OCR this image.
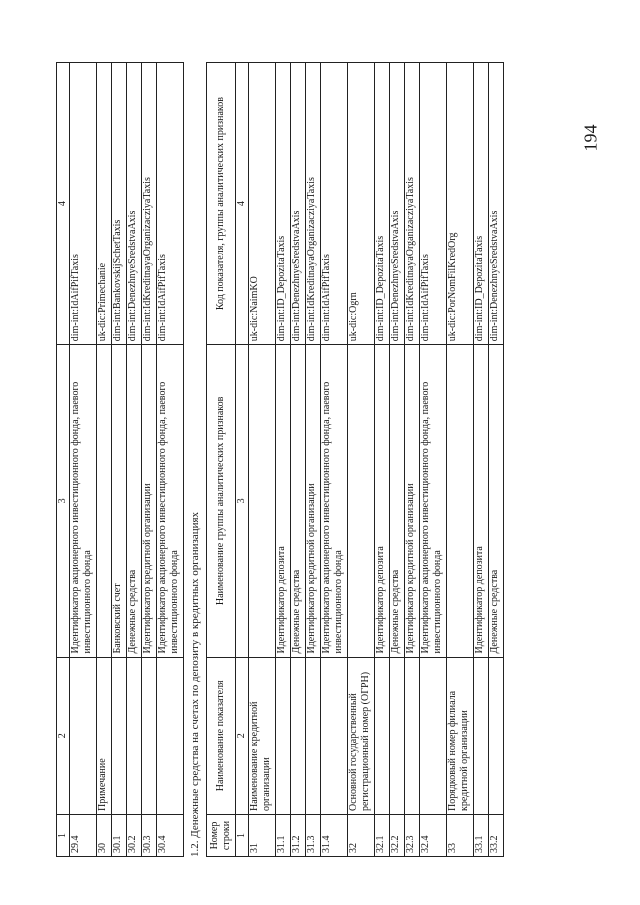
194
1	2	3	4
29.4		Идентификатор акционерного инвестиционного фонда, паевого инвестиционного фонда	dim-int:IdAifPifTaxis
30	Примечание		uk-dic:Primechanie
30.1		Банковский счет	dim-int:BankovskijSchetTaxis
30.2		Денежные средства	dim-int:DenezhnyeSredstvaAxis
30.3		Идентификатор кредитной организации	dim-int:IdKreditnayaOrganizacziyaTaxis
30.4		Идентификатор акционерного инвестиционного фонда, паевого инвестиционного фонда	dim-int:IdAifPifTaxis
1.2. Денежные средства на счетах по депозиту в кредитных организациях Номер строки	Наименование показателя	Наименование группы аналитических признаков	Код показателя, группы аналитических признаков
1	2	3	4
31	Наименование кредитной организации		uk-dic:NaimKO
31.1		Идентификатор депозита	dim-int:ID_DepozitaTaxis
31.2		Денежные средства	dim-int:DenezhnyeSredstvaAxis
31.3		Идентификатор кредитной организации	dim-int:IdKreditnayaOrganizacziyaTaxis
31.4		Идентификатор акционерного инвестиционного фонда, паевого инвестиционного фонда	dim-int:IdAifPifTaxis
32	Основной государственный регистрационный номер (ОГРН)		uk-dic:Ogrn
32.1		Идентификатор депозита	dim-int:ID_DepozitaTaxis
32.2		Денежные средства	dim-int:DenezhnyeSredstvaAxis
32.3		Идентификатор кредитной организации	dim-int:IdKreditnayaOrganizacziyaTaxis
32.4		Идентификатор акционерного инвестиционного фонда, паевого инвестиционного фонда	dim-int:IdAifPifTaxis
33	Порядковый номер филиала кредитной организации		uk-dic:PorNomFilKredOrg
33.1		Идентификатор депозита	dim-int:ID_DepozitaTaxis
33.2		Денежные средства	dim-int:DenezhnyeSredstvaAxis
